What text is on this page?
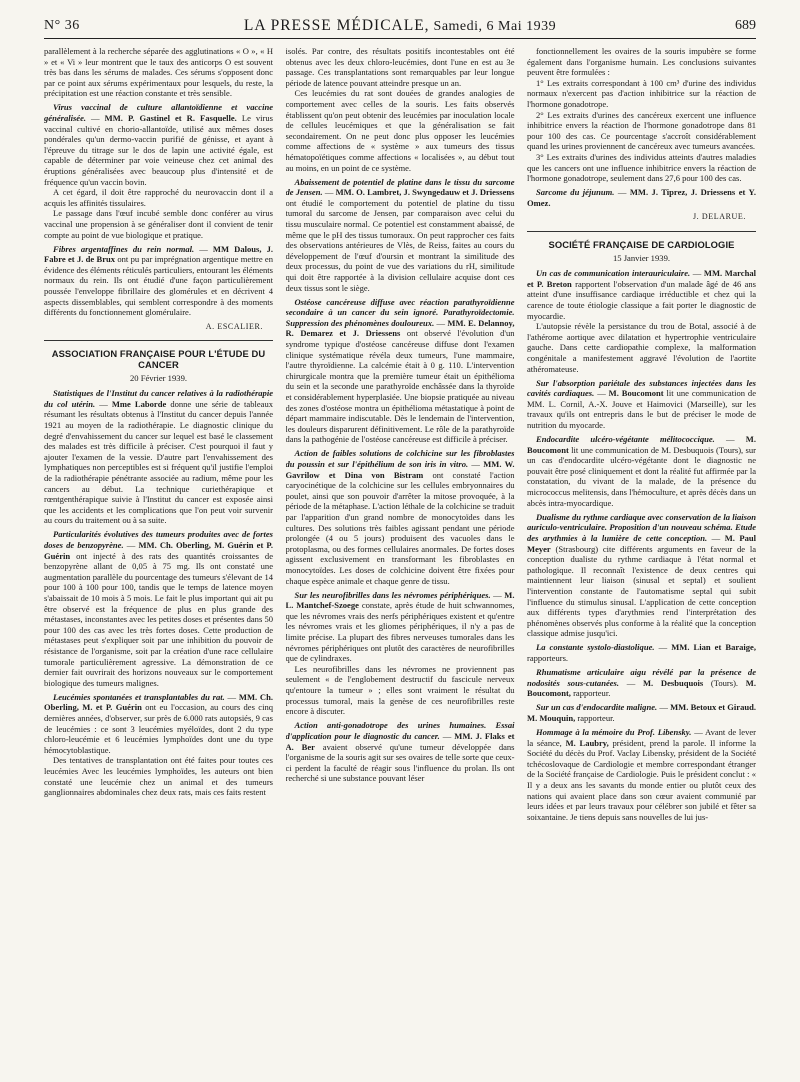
N° 36	LA PRESSE MÉDICALE, Samedi, 6 Mai 1939	689

parallèlement à la recherche séparée des agglutinations « O », « H » et « Vi » leur montrent que le taux des anticorps O est souvent très bas dans les sérums de malades. Ces sérums s'opposent donc par ce point aux sérums expérimentaux pour lesquels, du reste, la précipitation est une réaction constante et très sensible.

Virus vaccinal de culture allantoïdienne et vaccine généralisée. — MM. P. Gastinel et R. Fasquelle. Le virus vaccinal cultivé en chorio-allantoïde, utilisé aux mêmes doses pondérales qu'un dermo-vaccin purifié de génisse, et ayant à l'épreuve du titrage sur le dos de lapin une activité égale, est capable de déterminer par voie veineuse chez cet animal des éruptions généralisées avec beaucoup plus d'intensité et de fréquence qu'un vaccin bovin.

A cet égard, il doit être rapproché du neurovaccin dont il a acquis les affinités tissulaires.

Le passage dans l'œuf incubé semble donc conférer au virus vaccinal une propension à se généraliser dont il convient de tenir compte au point de vue biologique et pratique.

Fibres argentaffines du rein normal. — MM Dalous, J. Fabre et J. de Brux ont pu par imprégnation argentique mettre en évidence des éléments réticulés particuliers, entourant les éléments normaux du rein. Ils ont étudié d'une façon particulièrement poussée l'enveloppe fibrillaire des glomérules et en décrivent 4 aspects dissemblables, qui semblent correspondre à des moments différents du fonctionnement glomérulaire.

A. ESCALIER.
ASSOCIATION FRANÇAISE POUR L'ÉTUDE DU CANCER
20 Février 1939.

Statistiques de l'Institut du cancer relatives à la radiothérapie du col utérin. — Mme Laborde donne une série de tableaux résumant les résultats obtenus à l'Institut du cancer depuis l'année 1921 au moyen de la radiothérapie. Le diagnostic clinique du degré d'envahissement du cancer sur lequel est basé le classement des malades est très difficile à préciser. C'est pourquoi il faut y ajouter l'examen de la vessie. D'autre part l'envahissement des lymphatiques non perceptibles est si fréquent qu'il justifie l'emploi de la radiothérapie pénétrante associée au radium, même pour les cancers au début. La technique curiethérapique et rœntgenthérapique suivie à l'Institut du cancer est exposée ainsi que les accidents et les complications que l'on peut voir survenir au cours du traitement ou à sa suite.

Particularités évolutives des tumeurs produites avec de fortes doses de benzopyrène. — MM. Ch. Oberling, M. Guérin et P. Guérin ont injecté à des rats des quantités croissantes de benzopyrène allant de 0,05 à 75 mg. Ils ont constaté une augmentation parallèle du pourcentage des tumeurs s'élevant de 14 pour 100 à 100 pour 100, tandis que le temps de latence moyen s'abaissait de 10 mois à 5 mois. Le fait le plus important qui ait pu être observé est la fréquence de plus en plus grande des métastases, inconstantes avec les petites doses et présentes dans 50 pour 100 des cas avec les très fortes doses. Cette production de métastases peut s'expliquer soit par une inhibition du pouvoir de résistance de l'organisme, soit par la création d'une race cellulaire tumorale particulièrement agressive. La démonstration de ce dernier fait ouvrirait des horizons nouveaux sur le comportement biologique des tumeurs malignes.

Leucémies spontanées et transplantables du rat. — MM. Ch. Oberling, M. et P. Guérin ont eu l'occasion, au cours des cinq dernières années, d'observer, sur près de 6.000 rats autopsiés, 9 cas de leucémies : ce sont 3 leucémies myéloïdes, dont 2 du type chloro-leucémie et 6 leucémies lymphoïdes dont une du type hémocytoblastique.

Des tentatives de transplantation ont été faites pour toutes ces leucémies Avec les leucémies lymphoïdes, les auteurs ont bien constaté une leucémie chez un animal et des tumeurs ganglionnaires abdominales chez deux rats, mais ces faits restent

isolés. Par contre, des résultats positifs incontestables ont été obtenus avec les deux chloro-leucémies, dont l'une en est au 3e passage. Ces transplantations sont remarquables par leur longue période de latence pouvant atteindre presque un an.

Ces leucémies du rat sont douées de grandes analogies de comportement avec celles de la souris. Les faits observés établissent qu'on peut obtenir des leucémies par inoculation locale de cellules leucémiques et que la généralisation se fait secondairement. On ne peut donc plus opposer les leucémies comme affections de « système » aux tumeurs des tissus hématopoïétiques comme affections « localisées », au début tout au moins, en un point de ce système.

Abaissement de potentiel de platine dans le tissu du sarcome de Jensen. — MM. O. Lambret, J. Swyngedauw et J. Driessens ont étudié le comportement du potentiel de platine du tissu tumoral du sarcome de Jensen, par comparaison avec celui du tissu musculaire normal. Ce potentiel est constamment abaissé, de même que le pH des tissus tumoraux. On peut rapprocher ces faits des observations antérieures de Vlès, de Reiss, faites au cours du développement de l'œuf d'oursin et montrant la similitude des deux processus, du point de vue des variations du rH, similitude qui doit être rapportée à la division cellulaire acquise dont ces deux tissus sont le siège.

Ostéose cancéreuse diffuse avec réaction parathyroïdienne secondaire à un cancer du sein ignoré. Parathyroïdectomie. Suppression des phénomènes douloureux. — MM. E. Delannoy, R. Demarez et J. Driessens ont observé l'évolution d'un syndrome typique d'ostéose cancéreuse diffuse dont l'examen clinique systématique révéla deux tumeurs, l'une mammaire, l'autre thyroïdienne. La calcémie était à 0 g. 110. L'intervention chirurgicale montra que la première tumeur était un épithélioma du sein et la seconde une parathyroïde enchâssée dans la thyroïde et considérablement hyperplasiée. Une biopsie pratiquée au niveau des zones d'ostéose montra un épithélioma métastatique à point de départ mammaire indiscutable. Dès le lendemain de l'intervention, les douleurs disparurent définitivement. Le rôle de la parathyroïde dans la pathogénie de l'ostéose cancéreuse est difficile à préciser.

Action de faibles solutions de colchicine sur les fibroblastes du poussin et sur l'épithélium de son iris in vitro. — MM. W. Gavrilow et Dina von Bistram ont constaté l'action caryocinétique de la colchicine sur les cellules embryonnaires du poulet, ainsi que son pouvoir d'arrêter la mitose provoquée, à la période de la métaphase. L'action léthale de la colchicine se traduit par l'apparition d'un grand nombre de monocytoïdes dans les cultures. Des solutions très faibles agissant pendant une période prolongée (4 ou 5 jours) produisent des vacuoles dans le protoplasma, ou des formes cellulaires anormales. De fortes doses agissent exclusivement en transformant les fibroblastes en monocytoïdes. Les doses de colchicine doivent être fixées pour chaque espèce animale et chaque genre de tissu.

Sur les neurofibrilles dans les névromes périphériques. — M. L. Mantchef-Szoege constate, après étude de huit schwannomes, que les névromes vrais des nerfs périphériques existent et qu'entre les névromes vrais et les gliomes périphériques, il n'y a pas de limite précise. La plupart des fibres nerveuses tumorales dans les névromes périphériques ont plutôt des caractères de neurofibrilles que de cylindraxes.

Les neurofibrilles dans les névromes ne proviennent pas seulement « de l'englobement destructif du fascicule nerveux qu'entoure la tumeur » ; elles sont vraiment le résultat du processus tumoral, mais la genèse de ces neurofibrilles reste encore à discuter.

Action anti-gonadotrope des urines humaines. Essai d'application pour le diagnostic du cancer. — MM. J. Flaks et A. Ber avaient observé qu'une tumeur développée dans l'organisme de la souris agit sur ses ovaires de telle sorte que ceux-ci perdent la faculté de réagir sous l'influence du prolan. Ils ont recherché si une substance pouvant léser

fonctionnellement les ovaires de la souris impubère se forme également dans l'organisme humain. Les conclusions suivantes peuvent être formulées :

1° Les extraits correspondant à 100 cm³ d'urine des individus normaux n'exercent pas d'action inhibitrice sur la réaction de l'hormone gonadotrope.

2° Les extraits d'urines des cancéreux exercent une influence inhibitrice envers la réaction de l'hormone gonadotrope dans 81 pour 100 des cas. Ce pourcentage s'accroît considérablement quand les urines proviennent de cancéreux avec tumeurs avancées.

3° Les extraits d'urines des individus atteints d'autres maladies que les cancers ont une influence inhibitrice envers la réaction de l'hormone gonadotrope, seulement dans 27,6 pour 100 des cas.

Sarcome du jéjunum. — MM. J. Tiprez, J. Driessens et Y. Omez.

J. DELARUE.
SOCIÉTÉ FRANÇAISE DE CARDIOLOGIE
15 Janvier 1939.

Un cas de communication interauriculaire. — MM. Marchal et P. Breton rapportent l'observation d'un malade âgé de 46 ans atteint d'une insuffisance cardiaque irréductible et chez qui la carence de toute étiologie classique a fait porter le diagnostic de myocardie.

L'autopsie révèle la persistance du trou de Botal, associé à de l'athérome aortique avec dilatation et hypertrophie ventriculaire gauche. Dans cette cardiopathie complexe, la malformation congénitale a manifestement aggravé l'évolution de l'aortite athéromateuse.

Sur l'absorption pariétale des substances injectées dans les cavités cardiaques. — M. Boucomont lit une communication de MM. L. Cornil, A.-X. Jouve et Haimovici (Marseille), sur les travaux qu'ils ont entrepris dans le but de préciser le mode de nutrition du myocarde.

Endocardite ulcéro-végétante mélitococcique. — M. Boucomont lit une communication de M. Desbuquois (Tours), sur un cas d'endocardite ulcéro-végétante dont le diagnostic ne pouvait être posé cliniquement et dont la réalité fut affirmée par la constatation, du vivant de la malade, de la présence du micrococcus melitensis, dans l'hémoculture, et après décès dans un abcès intra-myocardique.

Dualisme du rythme cardiaque avec conservation de la liaison auriculo-ventriculaire. Proposition d'un nouveau schéma. Etude des arythmies à la lumière de cette conception. — M. Paul Meyer (Strasbourg) cite différents arguments en faveur de la conception dualiste du rythme cardiaque à l'état normal et pathologique. Il reconnaît l'existence de deux centres qui maintiennent leur liaison (sinusal et septal) et soulient l'intervention constante de l'automatisme septal qui subit l'influence du stimulus sinusal. L'application de cette conception aux différents types d'arythmies rend l'interprétation des phénomènes observés plus conforme à la réalité que la conception classique admise jusqu'ici.

La constante systolo-diastolique. — MM. Lian et Baraige, rapporteurs.

Rhumatisme articulaire aigu révélé par la présence de nodosités sous-cutanées. — M. Desbuquois (Tours). M. Boucomont, rapporteur.

Sur un cas d'endocardite maligne. — MM. Betoux et Giraud. M. Mouquin, rapporteur.

Hommage à la mémoire du Prof. Libensky. — Avant de lever la séance, M. Laubry, président, prend la parole. Il informe la Société du décès du Prof. Vaclay Libensky, président de la Société tchécoslovaque de Cardiologie et membre correspondant étranger de la Société française de Cardiologie. Puis le président conclut : « Il y a deux ans les savants du monde entier ou plutôt ceux des nations qui avaient place dans son cœur avaient communié par leurs idées et par leurs travaux pour célébrer son jubilé et fêter sa soixantaine. Je tiens depuis sans nouvelles de lui jus-
